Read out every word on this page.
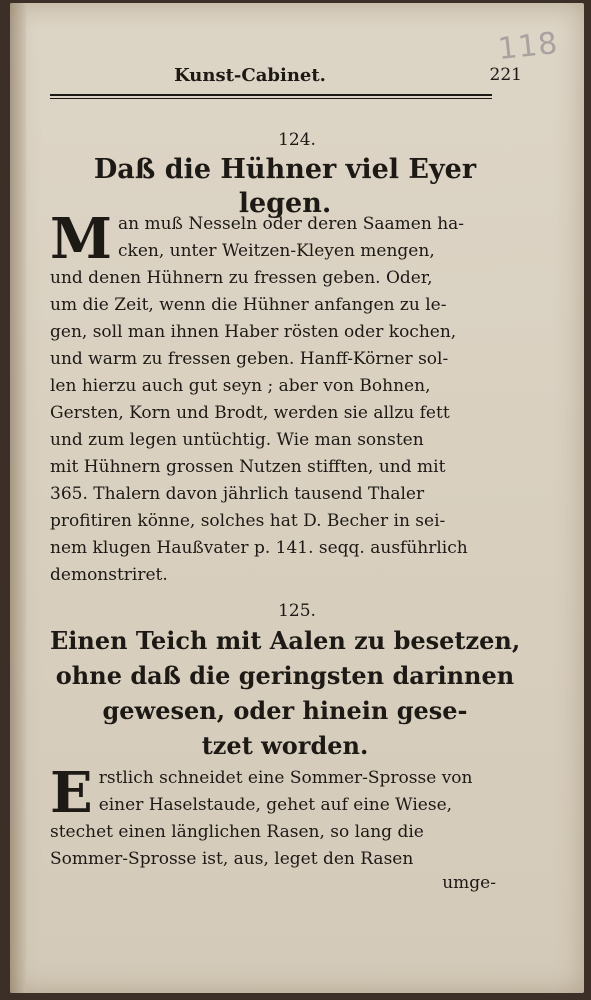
118
Kunst-Cabinet.	221
124.
Daß die Hühner viel Eyer legen.
M an muß Nesseln oder deren Saamen ha-
cken, unter Weitzen-Kleyen mengen,
und denen Hühnern zu fressen geben. Oder,
um die Zeit, wenn die Hühner anfangen zu le-
gen, soll man ihnen Haber rösten oder kochen,
und warm zu fressen geben. Hanff-Körner sol-
len hierzu auch gut seyn ; aber von Bohnen,
Gersten, Korn und Brodt, werden sie allzu fett
und zum legen untüchtig. Wie man sonsten
mit Hühnern grossen Nutzen stifften, und mit
365. Thalern davon jährlich tausend Thaler
profitiren könne, solches hat D. Becher in sei-
nem klugen Haußvater p. 141. seqq. ausführlich
demonstriret.
125.
Einen Teich mit Aalen zu besetzen,
ohne daß die geringsten darinnen
gewesen, oder hinein gese-
tzet worden.
E rstlich schneidet eine Sommer-Sprosse von
einer Haselstaude, gehet auf eine Wiese,
stechet einen länglichen Rasen, so lang die
Sommer-Sprosse ist, aus, leget den Rasen
umge-
